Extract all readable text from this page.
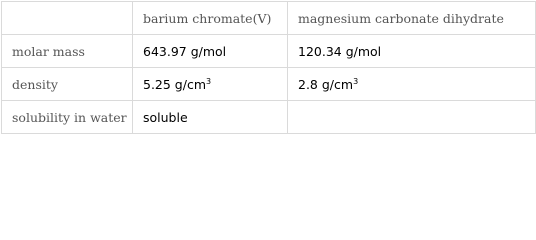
	barium chromate(V)	magnesium carbonate dihydrate
molar mass	643.97 g/mol	120.34 g/mol
density	5.25 $g/cm^3$	2.8 $g/cm^3$
solubility in water	soluble	
